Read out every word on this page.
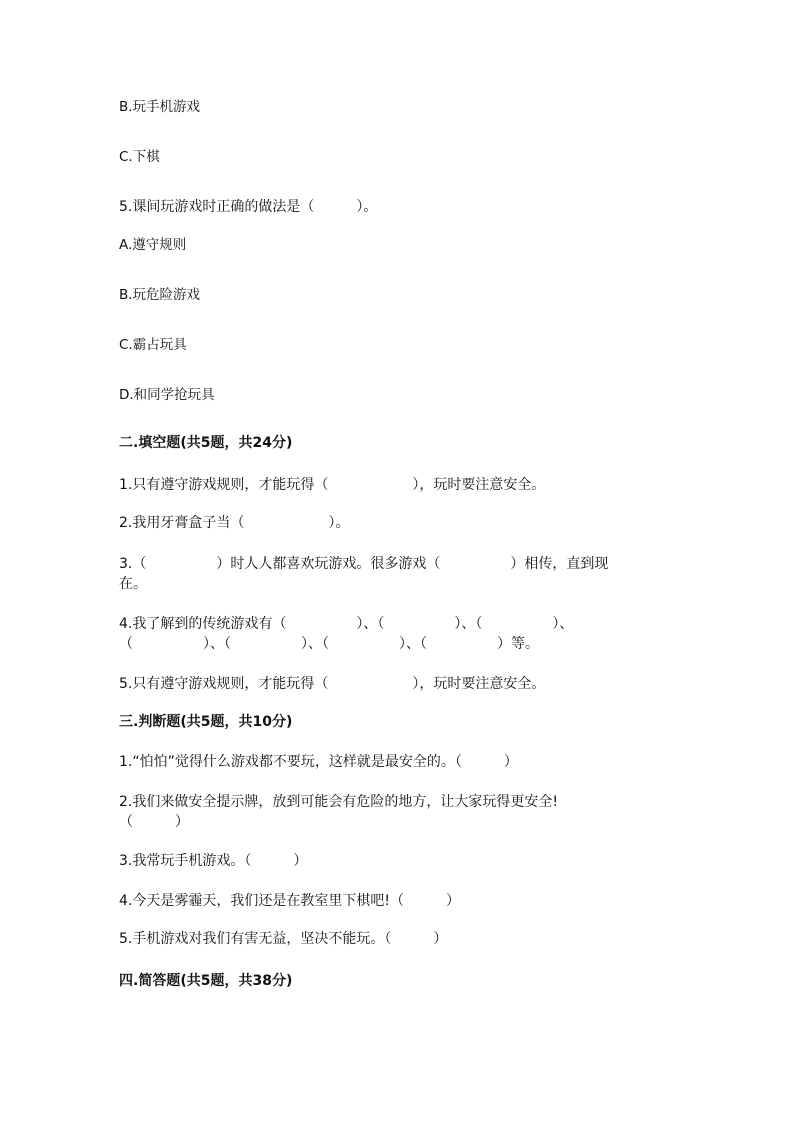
B.玩手机游戏
C.下棋
5.课间玩游戏时正确的做法是（　　　）。
A.遵守规则
B.玩危险游戏
C.霸占玩具
D.和同学抢玩具
二.填空题(共5题，共24分)
1.只有遵守游戏规则，才能玩得（　　　　　　），玩时要注意安全。
2.我用牙膏盒子当（　　　　　　）。
3.（　　　　　）时人人都喜欢玩游戏。很多游戏（　　　　　）相传，直到现
在。
4.我了解到的传统游戏有（　　　　　）、（　　　　　）、（　　　　　）、
（　　　　　）、（　　　　　）、（　　　　　）、（　　　　　）等。
5.只有遵守游戏规则，才能玩得（　　　　　　），玩时要注意安全。
三.判断题(共5题，共10分)
1.“怕怕”觉得什么游戏都不要玩，这样就是最安全的。（　　　）
2.我们来做安全提示牌，放到可能会有危险的地方，让大家玩得更安全!
（　　　）
3.我常玩手机游戏。（　　　）
4.今天是雾霾天，我们还是在教室里下棋吧!（　　　）
5.手机游戏对我们有害无益，坚决不能玩。（　　　）
四.简答题(共5题，共38分)
